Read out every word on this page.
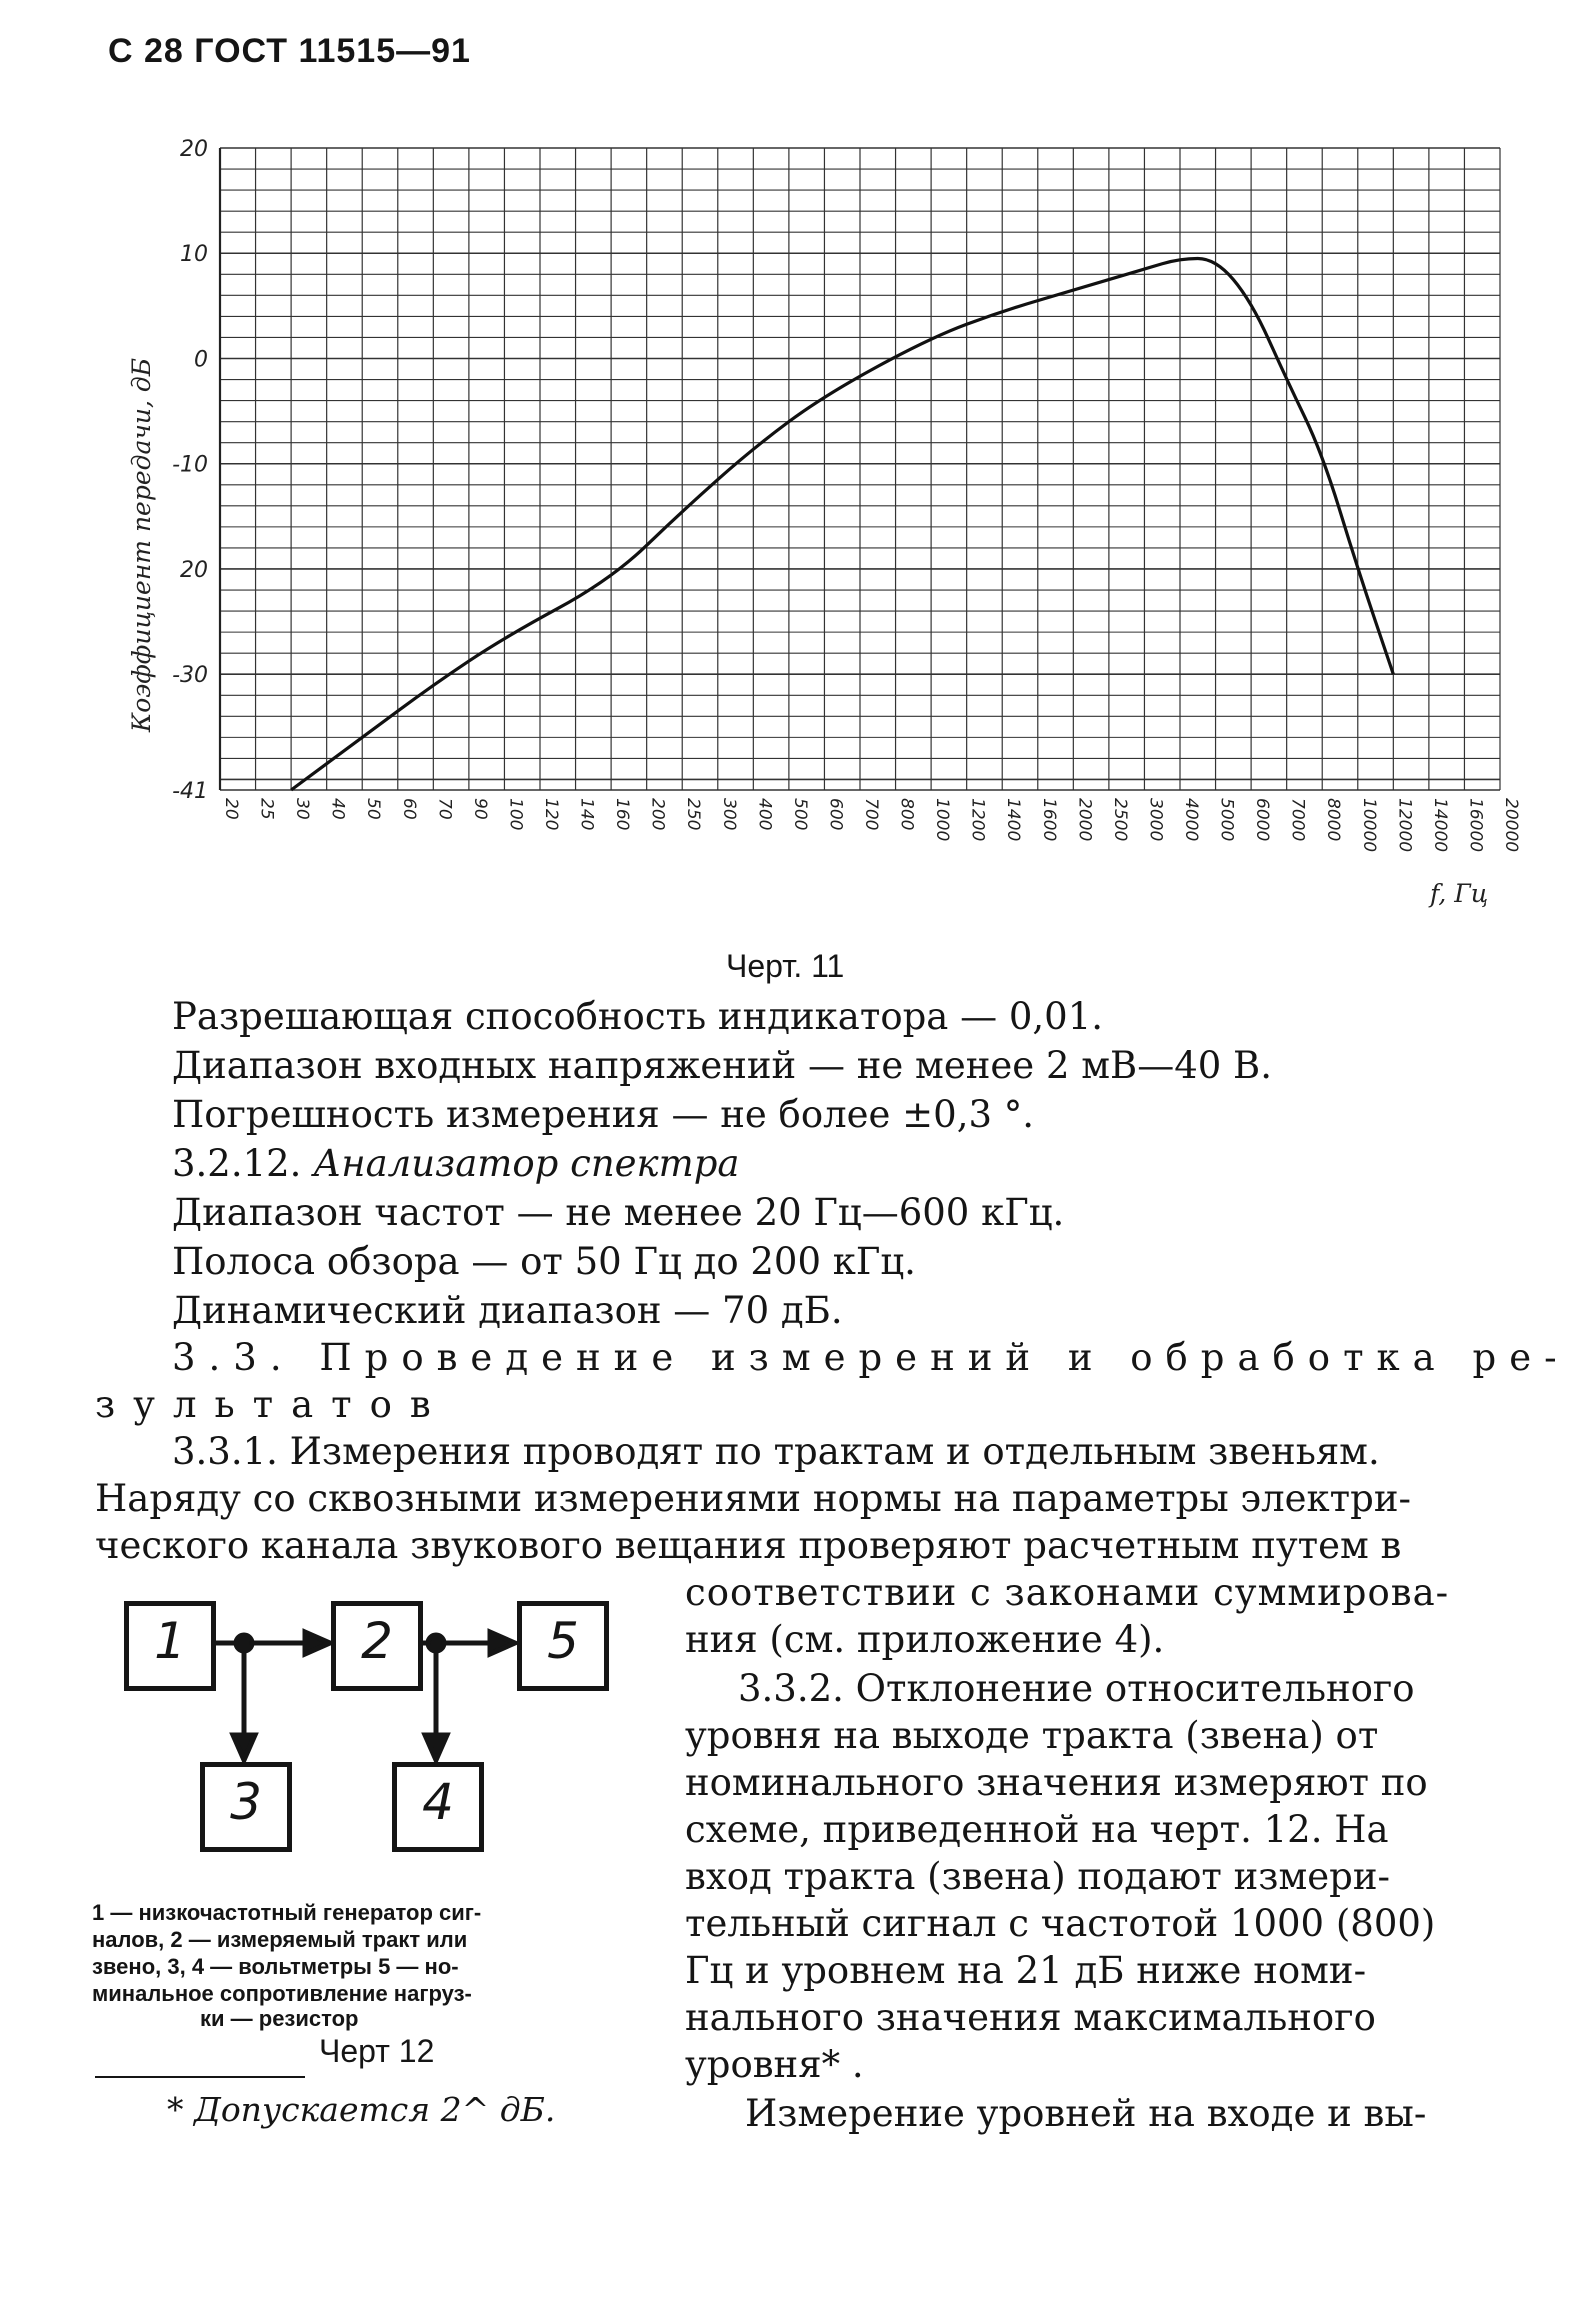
С 28 ГОСТ 11515—91
20
10
0
-10
20
-30
-41
20 25 30 40 50 60 70 90 100 120 140 160 200 250 300 400 500 600 700 800 1000 1200 1400 1600 2000 2500 3000 4000 5000 6000 7000 8000 10000 12000 14000 16000 20000
Коэффициент передачи, дБ
f, Гц
Черт. 11
Разрешающая способность индикатора — 0,01.
Диапазон входных напряжений — не менее 2 мВ—40 В.
Погрешность измерения — не более ±0,3 °.
3.2.12. Анализатор спектра
Диапазон частот — не менее 20 Гц—600 кГц.
Полоса обзора — от 50 Гц до 200 кГц.
Динамический диапазон — 70 дБ.
3.3. Проведение измерений и обработка ре-
зультатов
3.3.1. Измерения проводят по трактам и отдельным звеньям.
Наряду со сквозными измерениями нормы на параметры электри-
ческого канала звукового вещания проверяют расчетным путем в
соответствии с законами суммирова-
ния (см. приложение 4).
3.3.2. Отклонение относительного
уровня на выходе тракта (звена) от
номинального значения измеряют по
схеме, приведенной на черт. 12. На
вход тракта (звена) подают измери-
тельный сигнал с частотой 1000 (800)
Гц и уровнем на 21 дБ ниже номи-
нального значения максимального
уровня* .
Измерение уровней на входе и вы-
1	2	5
3	4
1 — низкочастотный генератор сиг-
налов, 2 — измеряемый тракт или
звено, 3, 4 — вольтметры 5 — но-
минальное сопротивление нагруз-
ки — резистор
Черт 12
* Допускается 2^ дБ.
